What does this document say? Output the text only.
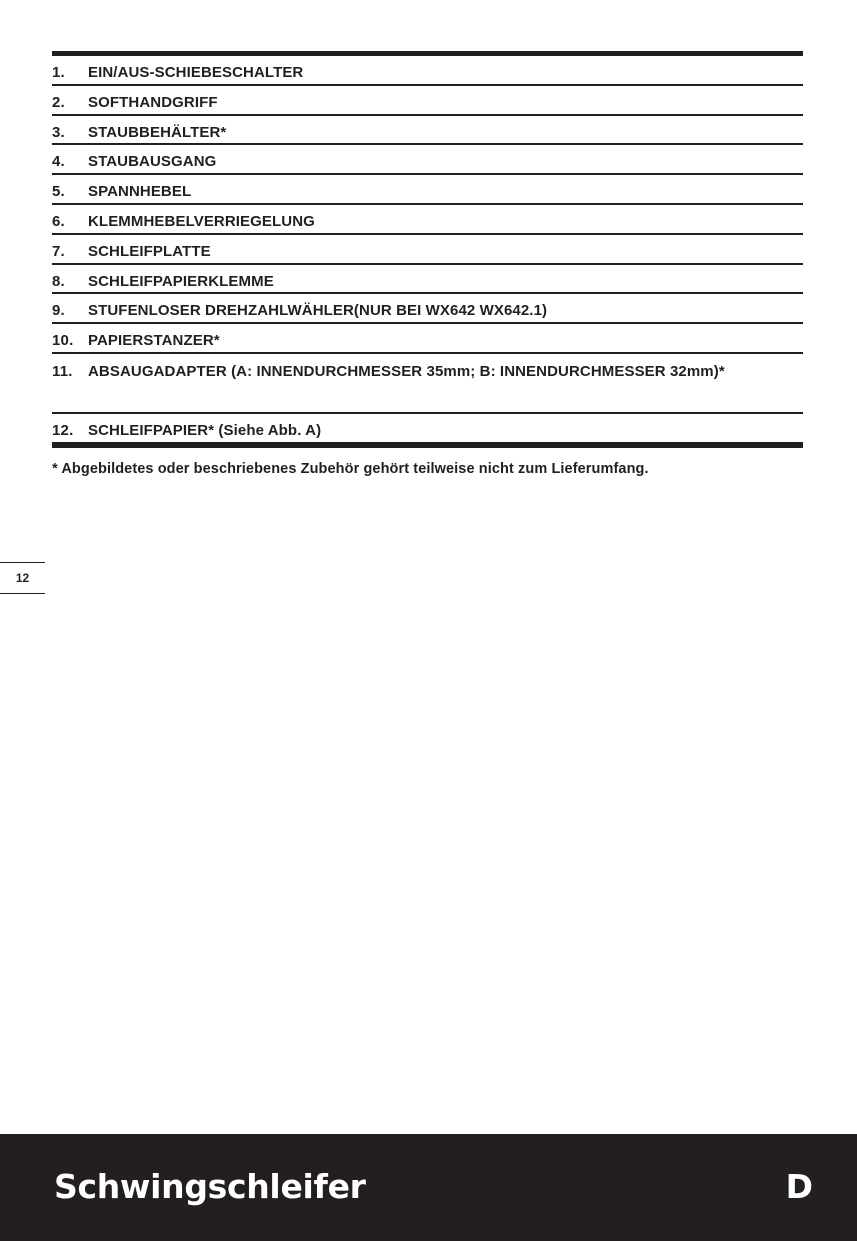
1.	EIN/AUS-SCHIEBESCHALTER
2.	SOFTHANDGRIFF
3.	STAUBBEHÄLTER*
4.	STAUBAUSGANG
5.	SPANNHEBEL
6.	KLEMMHEBELVERRIEGELUNG
7.	SCHLEIFPLATTE
8.	SCHLEIFPAPIERKLEMME
9.	STUFENLOSER DREHZAHLWÄHLER(NUR BEI WX642 WX642.1)
10. PAPIERSTANZER*
11.	ABSAUGADAPTER (A: INNENDURCHMESSER 35mm; B: INNENDURCHMESSER 32mm)*
12. SCHLEIFPAPIER* (Siehe Abb. A)
* Abgebildetes oder beschriebenes Zubehör gehört teilweise nicht zum Lieferumfang.
12
Schwingschleifer	D
